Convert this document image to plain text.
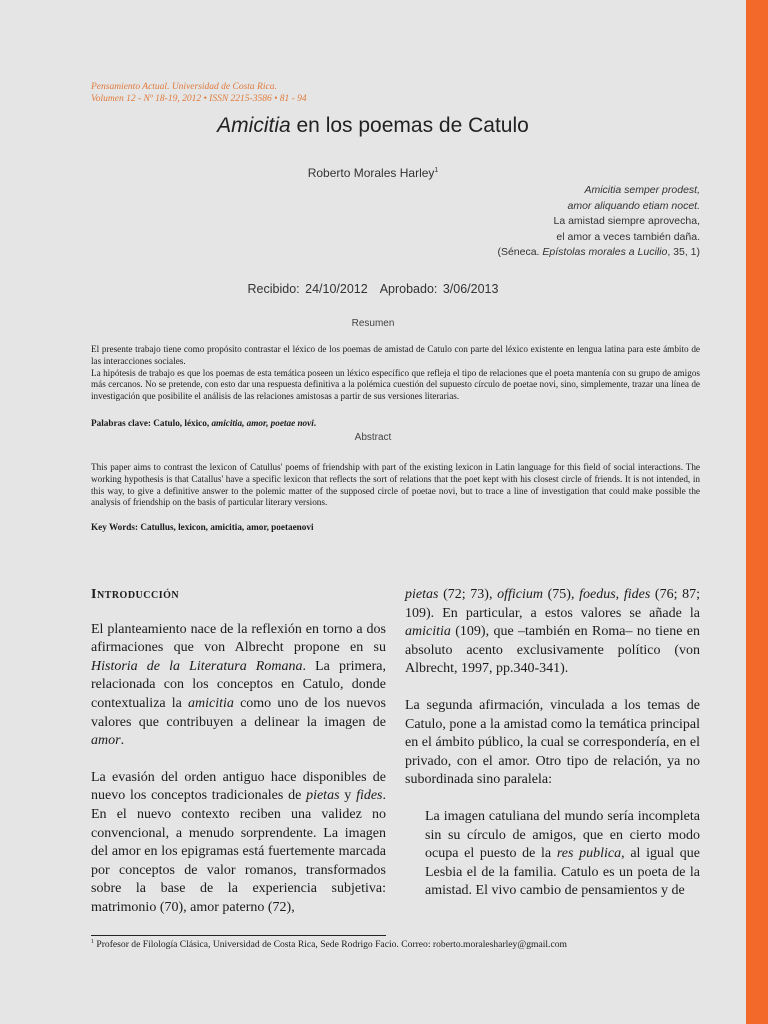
Pensamiento Actual. Universidad de Costa Rica.
Volumen 12 - Nº 18-19, 2012 • ISSN 2215-3586 • 81 - 94
Amicitia en los poemas de Catulo
Roberto Morales Harley$^1$
Amicitia semper prodest,
amor aliquando etiam nocet.
La amistad siempre aprovecha,
el amor a veces también daña.
(Séneca. Epístolas morales a Lucilio, 35, 1)
Recibido: 24/10/2012 Aprobado: 3/06/2013
Resumen

El presente trabajo tiene como propósito contrastar el léxico de los poemas de amistad de Catulo con parte del léxico existente en lengua latina para este ámbito de las interacciones sociales.

La hipótesis de trabajo es que los poemas de esta temática poseen un léxico específico que refleja el tipo de relaciones que el poeta mantenía con su grupo de amigos más cercanos. No se pretende, con esto dar una respuesta definitiva a la polémica cuestión del supuesto círculo de poetae novi, sino, simplemente, trazar una línea de investigación que posibilite el análisis de las relaciones amistosas a partir de sus versiones literarias.

Palabras clave: Catulo, léxico, amicitia, amor, poetae novi.
Abstract

This paper aims to contrast the lexicon of Catullus' poems of friendship with part of the existing lexicon in Latin language for this field of social interactions. The working hypothesis is that Catallus' have a specific lexicon that reflects the sort of relations that the poet kept with his closest circle of friends. It is not intended, in this way, to give a definitive answer to the polemic matter of the supposed circle of poetae novi, but to trace a line of investigation that could make possible the analysis of friendship on the basis of particular literary versions.

Key Words: Catullus, lexicon, amicitia, amor, poetaenovi

Introducción

El planteamiento nace de la reflexión en torno a dos afirmaciones que von Albrecht propone en su Historia de la Literatura Romana. La primera, relacionada con los conceptos en Catulo, donde contextualiza la amicitia como uno de los nuevos valores que contribuyen a delinear la imagen de amor.

La evasión del orden antiguo hace disponibles de nuevo los conceptos tradicionales de pietas y fides. En el nuevo contexto reciben una validez no convencional, a menudo sorprendente. La imagen del amor en los epigramas está fuertemente marcada por conceptos de valor romanos, transformados sobre la base de la experiencia subjetiva: matrimonio (70), amor paterno (72),

pietas (72; 73), officium (75), foedus, fides (76; 87; 109). En particular, a estos valores se añade la amicitia (109), que –también en Roma– no tiene en absoluto acento exclusivamente político (von Albrecht, 1997, pp.340-341).

La segunda afirmación, vinculada a los temas de Catulo, pone a la amistad como la temática principal en el ámbito público, la cual se correspondería, en el privado, con el amor. Otro tipo de relación, ya no subordinada sino paralela:

La imagen catuliana del mundo sería incompleta sin su círculo de amigos, que en cierto modo ocupa el puesto de la res publica, al igual que Lesbia el de la familia. Catulo es un poeta de la amistad. El vivo cambio de pensamientos y de

$^1$ Profesor de Filología Clásica, Universidad de Costa Rica, Sede Rodrigo Facio. Correo: roberto.moralesharley@gmail.com
